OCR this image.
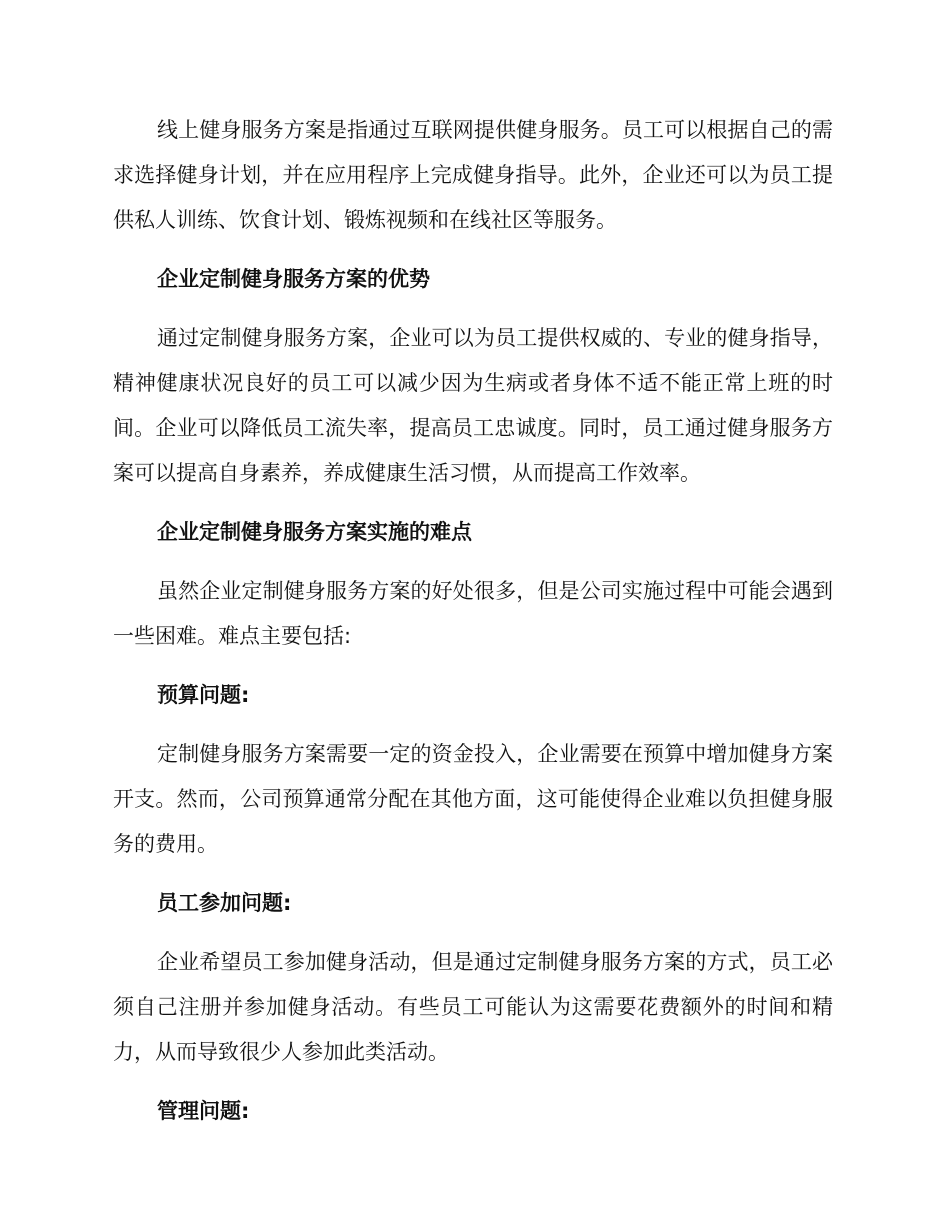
线上健身服务方案是指通过互联网提供健身服务。员工可以根据自己的需求选择健身计划，并在应用程序上完成健身指导。此外，企业还可以为员工提供私人训练、饮食计划、锻炼视频和在线社区等服务。

企业定制健身服务方案的优势

通过定制健身服务方案，企业可以为员工提供权威的、专业的健身指导，精神健康状况良好的员工可以减少因为生病或者身体不适不能正常上班的时间。企业可以降低员工流失率，提高员工忠诚度。同时，员工通过健身服务方案可以提高自身素养，养成健康生活习惯，从而提高工作效率。

企业定制健身服务方案实施的难点

虽然企业定制健身服务方案的好处很多，但是公司实施过程中可能会遇到一些困难。难点主要包括:

预算问题:

定制健身服务方案需要一定的资金投入，企业需要在预算中增加健身方案开支。然而，公司预算通常分配在其他方面，这可能使得企业难以负担健身服务的费用。

员工参加问题:

企业希望员工参加健身活动，但是通过定制健身服务方案的方式，员工必须自己注册并参加健身活动。有些员工可能认为这需要花费额外的时间和精力，从而导致很少人参加此类活动。

管理问题:
